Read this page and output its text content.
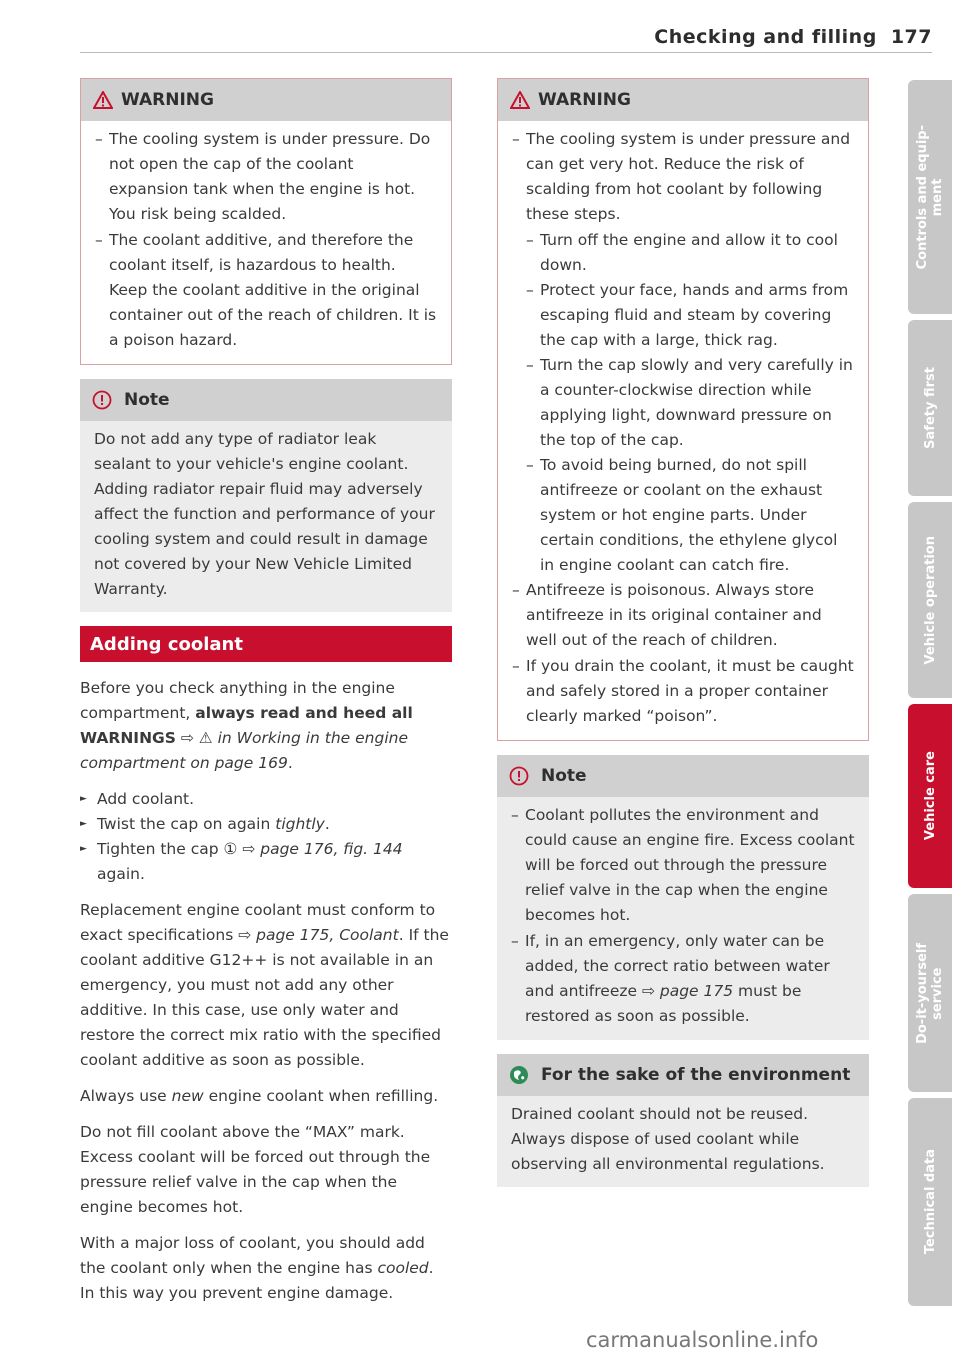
Checking and filling 177
WARNING
– The cooling system is under pressure. Do not open the cap of the coolant expansion tank when the engine is hot. You risk being scalded.
– The coolant additive, and therefore the coolant itself, is hazardous to health. Keep the coolant additive in the original container out of the reach of children. It is a poison hazard.
Note
Do not add any type of radiator leak sealant to your vehicle's engine coolant. Adding radiator repair fluid may adversely affect the function and performance of your cooling system and could result in damage not covered by your New Vehicle Limited Warranty.
Adding coolant

Before you check anything in the engine compartment, always read and heed all WARNINGS ⇨ ⚠ in Working in the engine compartment on page 169.

► Add coolant.
► Twist the cap on again tightly.
► Tighten the cap ① ⇨ page 176, fig. 144 again.

Replacement engine coolant must conform to exact specifications ⇨ page 175, Coolant. If the coolant additive G12++ is not available in an emergency, you must not add any other additive. In this case, use only water and restore the correct mix ratio with the specified coolant additive as soon as possible.

Always use new engine coolant when refilling.

Do not fill coolant above the “MAX” mark. Excess coolant will be forced out through the pressure relief valve in the cap when the engine becomes hot.

With a major loss of coolant, you should add the coolant only when the engine has cooled. In this way you prevent engine damage.

WARNING
– The cooling system is under pressure and can get very hot. Reduce the risk of scalding from hot coolant by following these steps.
– Turn off the engine and allow it to cool down.
– Protect your face, hands and arms from escaping fluid and steam by covering the cap with a large, thick rag.
– Turn the cap slowly and very carefully in a counter-clockwise direction while applying light, downward pressure on the top of the cap.
– To avoid being burned, do not spill antifreeze or coolant on the exhaust system or hot engine parts. Under certain conditions, the ethylene glycol in engine coolant can catch fire.
– Antifreeze is poisonous. Always store antifreeze in its original container and well out of the reach of children.
– If you drain the coolant, it must be caught and safely stored in a proper container clearly marked “poison”.
Note
– Coolant pollutes the environment and could cause an engine fire. Excess coolant will be forced out through the pressure relief valve in the cap when the engine becomes hot.
– If, in an emergency, only water can be added, the correct ratio between water and antifreeze ⇨ page 175 must be restored as soon as possible.
For the sake of the environment
Drained coolant should not be reused. Always dispose of used coolant while observing all environmental regulations.
Controls and equip-
ment
Safety first
Vehicle operation
Vehicle care
Do-it-yourself
service
Technical data
carmanualsonline.info
